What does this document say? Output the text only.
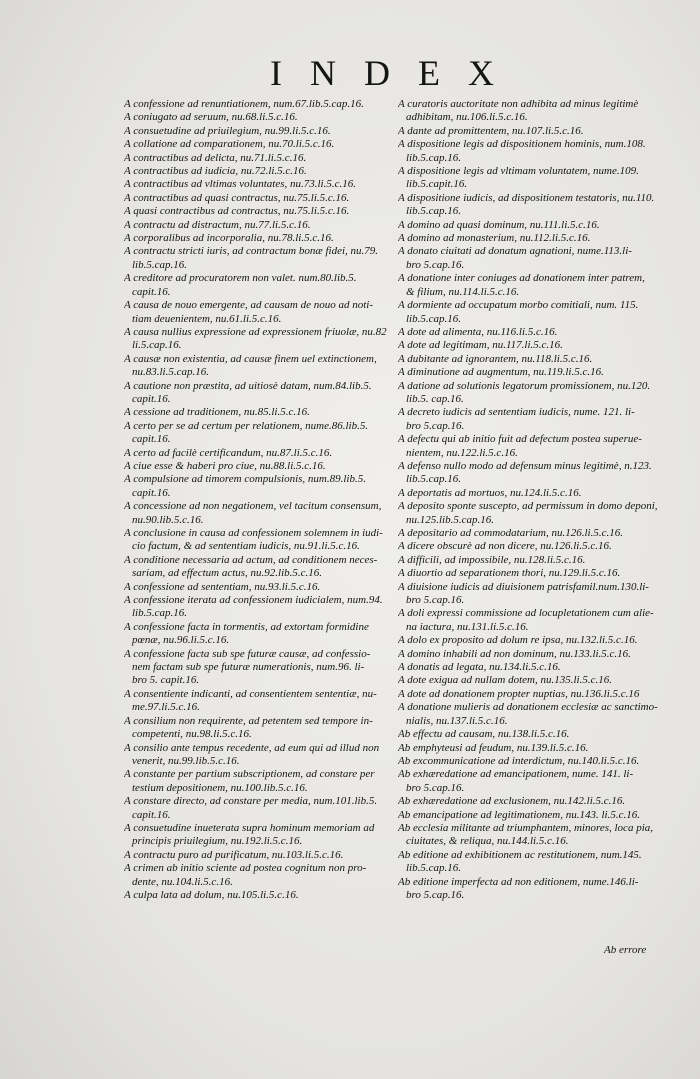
INDEX
A confessione ad renuntiationem, num.67.lib.5.cap.16.
A coniugato ad seruum, nu.68.li.5.c.16.
A consuetudine ad priuilegium, nu.99.li.5.c.16.
A collatione ad comparationem, nu.70.li.5.c.16.
A contractibus ad delicta, nu.71.li.5.c.16.
A contractibus ad iudicia, nu.72.li.5.c.16.
A contractibus ad vltimas voluntates, nu.73.li.5.c.16.
A contractibus ad quasi contractus, nu.75.li.5.c.16.
A quasi contractibus ad contractus, nu.75.li.5.c.16.
A contractu ad distractum, nu.77.li.5.c.16.
A corporalibus ad incorporalia, nu.78.li.5.c.16.
A contractu stricti iuris, ad contractum bonæ fidei, nu.79.
lib.5.cap.16.
A creditore ad procuratorem non valet. num.80.lib.5.
capit.16.
A causa de nouo emergente, ad causam de nouo ad noti-
tiam deuenientem, nu.61.li.5.c.16.
A causa nullius expressione ad expressionem friuolæ, nu.82
li.5.cap.16.
A causæ non existentia, ad causæ finem uel extinctionem,
nu.83.li.5.cap.16.
A cautione non præstita, ad uitiosè datam, num.84.lib.5.
capit.16.
A cessione ad traditionem, nu.85.li.5.c.16.
A certo per se ad certum per relationem, nume.86.lib.5.
capit.16.
A certo ad facilè certificandum, nu.87.li.5.c.16.
A ciue esse & haberi pro ciue, nu.88.li.5.c.16.
A compulsione ad timorem compulsionis, num.89.lib.5.
capit.16.
A concessione ad non negationem, vel tacitum consensum,
nu.90.lib.5.c.16.
A conclusione in causa ad confessionem solemnem in iudi-
cio factum, & ad sententiam iudicis, nu.91.li.5.c.16.
A conditione necessaria ad actum, ad conditionem neces-
sariam, ad effectum actus, nu.92.lib.5.c.16.
A confessione ad sententiam, nu.93.li.5.c.16.
A confessione iterata ad confessionem iudicialem, num.94.
lib.5.cap.16.
A confessione facta in tormentis, ad extortam formidine
pœnæ, nu.96.li.5.c.16.
A confessione facta sub spe futuræ causæ, ad confessio-
nem factam sub spe futuræ numerationis, num.96. li-
bro 5. capit.16.
A consentiente indicanti, ad consentientem sententiæ, nu-
me.97.li.5.c.16.
A consilium non requirente, ad petentem sed tempore in-
competenti, nu.98.li.5.c.16.
A consilio ante tempus recedente, ad eum qui ad illud non
venerit, nu.99.lib.5.c.16.
A constante per partium subscriptionem, ad constare per
testium depositionem, nu.100.lib.5.c.16.
A constare directo, ad constare per media, num.101.lib.5.
capit.16.
A consuetudine inueterata supra hominum memoriam ad
principis priuilegium, nu.192.li.5.c.16.
A contractu puro ad purificatum, nu.103.li.5.c.16.
A crimen ab initio sciente ad postea cognitum non pro-
dente, nu.104.li.5.c.16.
A culpa lata ad dolum, nu.105.li.5.c.16.
A curatoris auctoritate non adhibita ad minus legitimè
adhibitam, nu.106.li.5.c.16.
A dante ad promittentem, nu.107.li.5.c.16.
A dispositione legis ad dispositionem hominis, num.108.
lib.5.cap.16.
A dispositione legis ad vltimam voluntatem, nume.109.
lib.5.capit.16.
A dispositione iudicis, ad dispositionem testatoris, nu.110.
lib.5.cap.16.
A domino ad quasi dominum, nu.111.li.5.c.16.
A domino ad monasterium, nu.112.li.5.c.16.
A donato ciuitati ad donatum agnationi, nume.113.li-
bro 5.cap.16.
A donatione inter coniuges ad donationem inter patrem,
& filium, nu.114.li.5.c.16.
A dormiente ad occupatum morbo comitiali, num. 115.
lib.5.cap.16.
A dote ad alimenta, nu.116.li.5.c.16.
A dote ad legitimam, nu.117.li.5.c.16.
A dubitante ad ignorantem, nu.118.li.5.c.16.
A diminutione ad augmentum, nu.119.li.5.c.16.
A datione ad solutionis legatorum promissionem, nu.120.
lib.5. cap.16.
A decreto iudicis ad sententiam iudicis, nume. 121. li-
bro 5.cap.16.
A defectu qui ab initio fuit ad defectum postea superue-
nientem, nu.122.li.5.c.16.
A defenso nullo modo ad defensum minus legitimè, n.123.
lib.5.cap.16.
A deportatis ad mortuos, nu.124.li.5.c.16.
A deposito sponte suscepto, ad permissum in domo deponi,
nu.125.lib.5.cap.16.
A depositario ad commodatarium, nu.126.li.5.c.16.
A dicere obscurè ad non dicere, nu.126.li.5.c.16.
A difficili, ad impossibile, nu.128.li.5.c.16.
A diuortio ad separationem thori, nu.129.li.5.c.16.
A diuisione iudicis ad diuisionem patrisfamil.num.130.li-
bro 5.cap.16.
A doli expressi commissione ad locupletationem cum alie-
na iactura, nu.131.li.5.c.16.
A dolo ex proposito ad dolum re ipsa, nu.132.li.5.c.16.
A domino inhabili ad non dominum, nu.133.li.5.c.16.
A donatis ad legata, nu.134.li.5.c.16.
A dote exigua ad nullam dotem, nu.135.li.5.c.16.
A dote ad donationem propter nuptias, nu.136.li.5.c.16
A donatione mulieris ad donationem ecclesiæ ac sanctimo-
nialis, nu.137.li.5.c.16.
Ab effectu ad causam, nu.138.li.5.c.16.
Ab emphyteusi ad feudum, nu.139.li.5.c.16.
Ab excommunicatione ad interdictum, nu.140.li.5.c.16.
Ab exhæredatione ad emancipationem, nume. 141. li-
bro 5.cap.16.
Ab exhæredatione ad exclusionem, nu.142.li.5.c.16.
Ab emancipatione ad legitimationem, nu.143. li.5.c.16.
Ab ecclesia militante ad triumphantem, minores, loca pia,
ciuitates, & reliqua, nu.144.li.5.c.16.
Ab editione ad exhibitionem ac restitutionem, num.145.
lib.5.cap.16.
Ab editione imperfecta ad non editionem, nume.146.li-
bro 5.cap.16.
Ab errore
